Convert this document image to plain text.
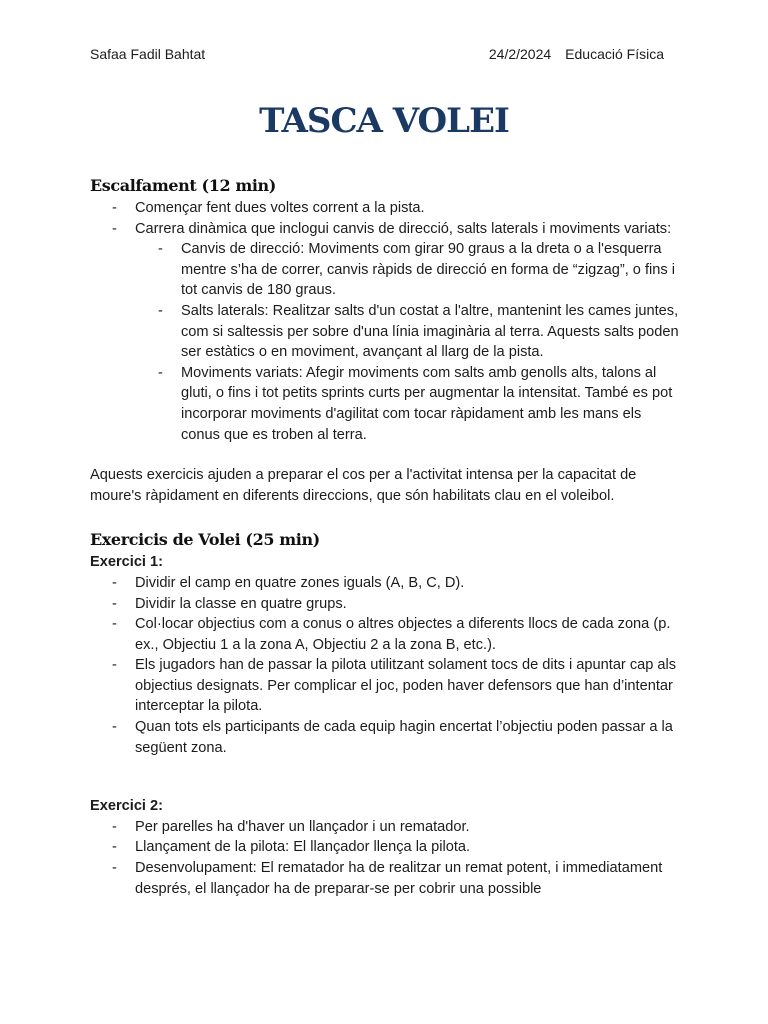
Safaa Fadil Bahtat	24/2/2024 Educació Física
TASCA VOLEI
Escalfament (12 min)
- Començar fent dues voltes corrent a la pista.
- Carrera dinàmica que inclogui canvis de direcció, salts laterals i moviments variats:
- Canvis de direcció: Moviments com girar 90 graus a la dreta o a l'esquerra mentre s’ha de correr, canvis ràpids de direcció en forma de “zigzag”, o fins i tot canvis de 180 graus.
- Salts laterals: Realitzar salts d'un costat a l'altre, mantenint les cames juntes, com si saltessis per sobre d'una línia imaginària al terra. Aquests salts poden ser estàtics o en moviment, avançant al llarg de la pista.
- Moviments variats: Afegir moviments com salts amb genolls alts, talons al gluti, o fins i tot petits sprints curts per augmentar la intensitat. També es pot incorporar moviments d'agilitat com tocar ràpidament amb les mans els conus que es troben al terra.

Aquests exercicis ajuden a preparar el cos per a l'activitat intensa per la capacitat de moure's ràpidament en diferents direccions, que són habilitats clau en el voleibol.

Exercicis de Volei (25 min)
Exercici 1:
- Dividir el camp en quatre zones iguals (A, B, C, D).
- Dividir la classe en quatre grups.
- Col·locar objectius com a conus o altres objectes a diferents llocs de cada zona (p. ex., Objectiu 1 a la zona A, Objectiu 2 a la zona B, etc.).
- Els jugadors han de passar la pilota utilitzant solament tocs de dits i apuntar cap als objectius designats. Per complicar el joc, poden haver defensors que han d’intentar interceptar la pilota.
- Quan tots els participants de cada equip hagin encertat l’objectiu poden passar a la següent zona.
Exercici 2:
- Per parelles ha d'haver un llançador i un rematador.
- Llançament de la pilota: El llançador llença la pilota.
- Desenvolupament: El rematador ha de realitzar un remat potent, i immediatament després, el llançador ha de preparar-se per cobrir una possible
